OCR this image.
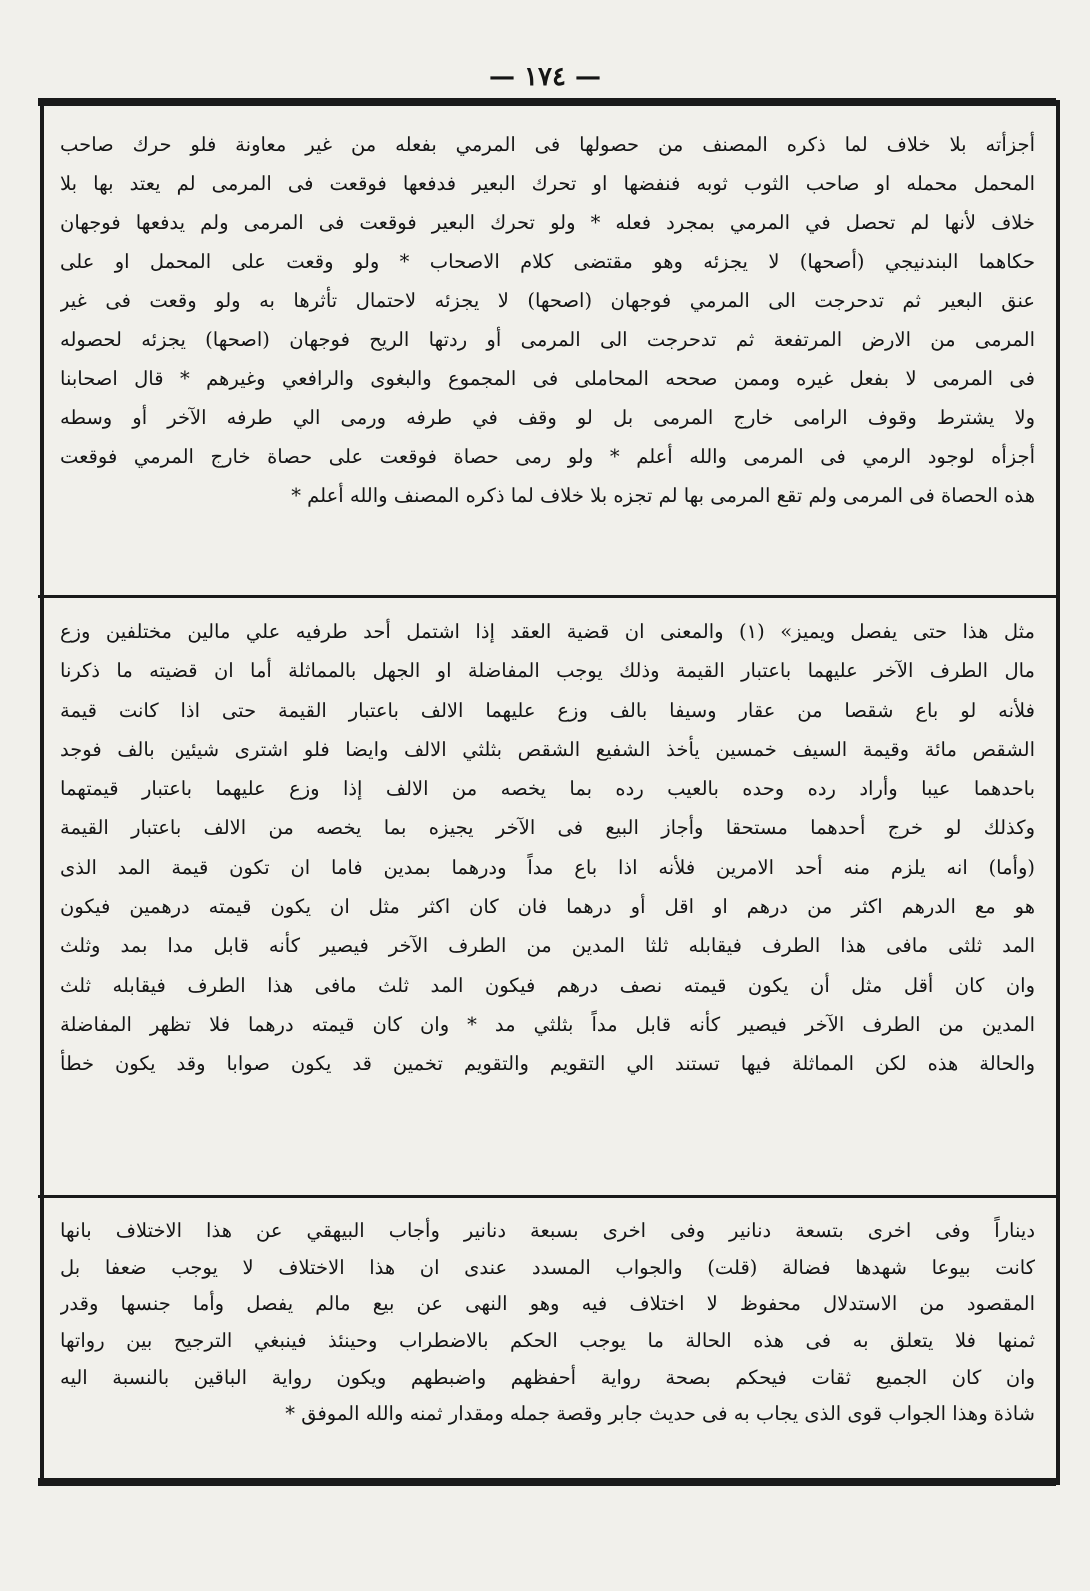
— ١٧٤ —
أجزأته بلا خلاف لما ذكره المصنف من حصولها فى المرمي بفعله من غير معاونة فلو حرك صاحب
المحمل محمله او صاحب الثوب ثوبه فنفضها او تحرك البعير فدفعها فوقعت فى المرمى لم يعتد بها بلا
خلاف لأنها لم تحصل في المرمي بمجرد فعله * ولو تحرك البعير فوقعت فى المرمى ولم يدفعها فوجهان
حكاهما البندنيجي (أصحها) لا يجزئه وهو مقتضى كلام الاصحاب * ولو وقعت على المحمل او على
عنق البعير ثم تدحرجت الى المرمي فوجهان (اصحها) لا يجزئه لاحتمال تأثرها به ولو وقعت فى غير
المرمى من الارض المرتفعة ثم تدحرجت الى المرمى أو ردتها الريح فوجهان (اصحها) يجزئه لحصوله
فى المرمى لا بفعل غيره وممن صححه المحاملى فى المجموع والبغوى والرافعي وغيرهم * قال اصحابنا
ولا يشترط وقوف الرامى خارج المرمى بل لو وقف في طرفه ورمى الي طرفه الآخر أو وسطه
أجزأه لوجود الرمي فى المرمى والله أعلم * ولو رمى حصاة فوقعت على حصاة خارج المرمي فوقعت
هذه الحصاة فى المرمى ولم تقع المرمى بها لم تجزه بلا خلاف لما ذكره المصنف والله أعلم *
مثل هذا حتى يفصل ويميز» (١) والمعنى ان قضية العقد إذا اشتمل أحد طرفيه علي مالين مختلفين وزع
مال الطرف الآخر عليهما باعتبار القيمة وذلك يوجب المفاضلة او الجهل بالمماثلة أما ان قضيته ما ذكرنا
فلأنه لو باع شقصا من عقار وسيفا بالف وزع عليهما الالف باعتبار القيمة حتى اذا كانت قيمة
الشقص مائة وقيمة السيف خمسين يأخذ الشفيع الشقص بثلثي الالف وايضا فلو اشترى شيئين بالف فوجد
باحدهما عيبا وأراد رده وحده بالعيب رده بما يخصه من الالف إذا وزع عليهما باعتبار قيمتهما
وكذلك لو خرج أحدهما مستحقا وأجاز البيع فى الآخر يجيزه بما يخصه من الالف باعتبار القيمة
(وأما) انه يلزم منه أحد الامرين فلأنه اذا باع مداً ودرهما بمدين فاما ان تكون قيمة المد الذى
هو مع الدرهم اكثر من درهم او اقل أو درهما فان كان اكثر مثل ان يكون قيمته درهمين فيكون
المد ثلثى مافى هذا الطرف فيقابله ثلثا المدين من الطرف الآخر فيصير كأنه قابل مدا بمد وثلث
وان كان أقل مثل أن يكون قيمته نصف درهم فيكون المد ثلث مافى هذا الطرف فيقابله ثلث
المدين من الطرف الآخر فيصير كأنه قابل مداً بثلثي مد * وان كان قيمته درهما فلا تظهر المفاضلة
والحالة هذه لكن المماثلة فيها تستند الي التقويم والتقويم تخمين قد يكون صوابا وقد يكون خطأ
ديناراً وفى اخرى بتسعة دنانير وفى اخرى بسبعة دنانير وأجاب البيهقي عن هذا الاختلاف بانها
كانت بيوعا شهدها فضالة (قلت) والجواب المسدد عندى ان هذا الاختلاف لا يوجب ضعفا بل
المقصود من الاستدلال محفوظ لا اختلاف فيه وهو النهى عن بيع مالم يفصل وأما جنسها وقدر
ثمنها فلا يتعلق به فى هذه الحالة ما يوجب الحكم بالاضطراب وحينئذ فينبغي الترجيح بين رواتها
وان كان الجميع ثقات فيحكم بصحة رواية أحفظهم واضبطهم ويكون رواية الباقين بالنسبة اليه
شاذة وهذا الجواب قوى الذى يجاب به فى حديث جابر وقصة جمله ومقدار ثمنه والله الموفق *
